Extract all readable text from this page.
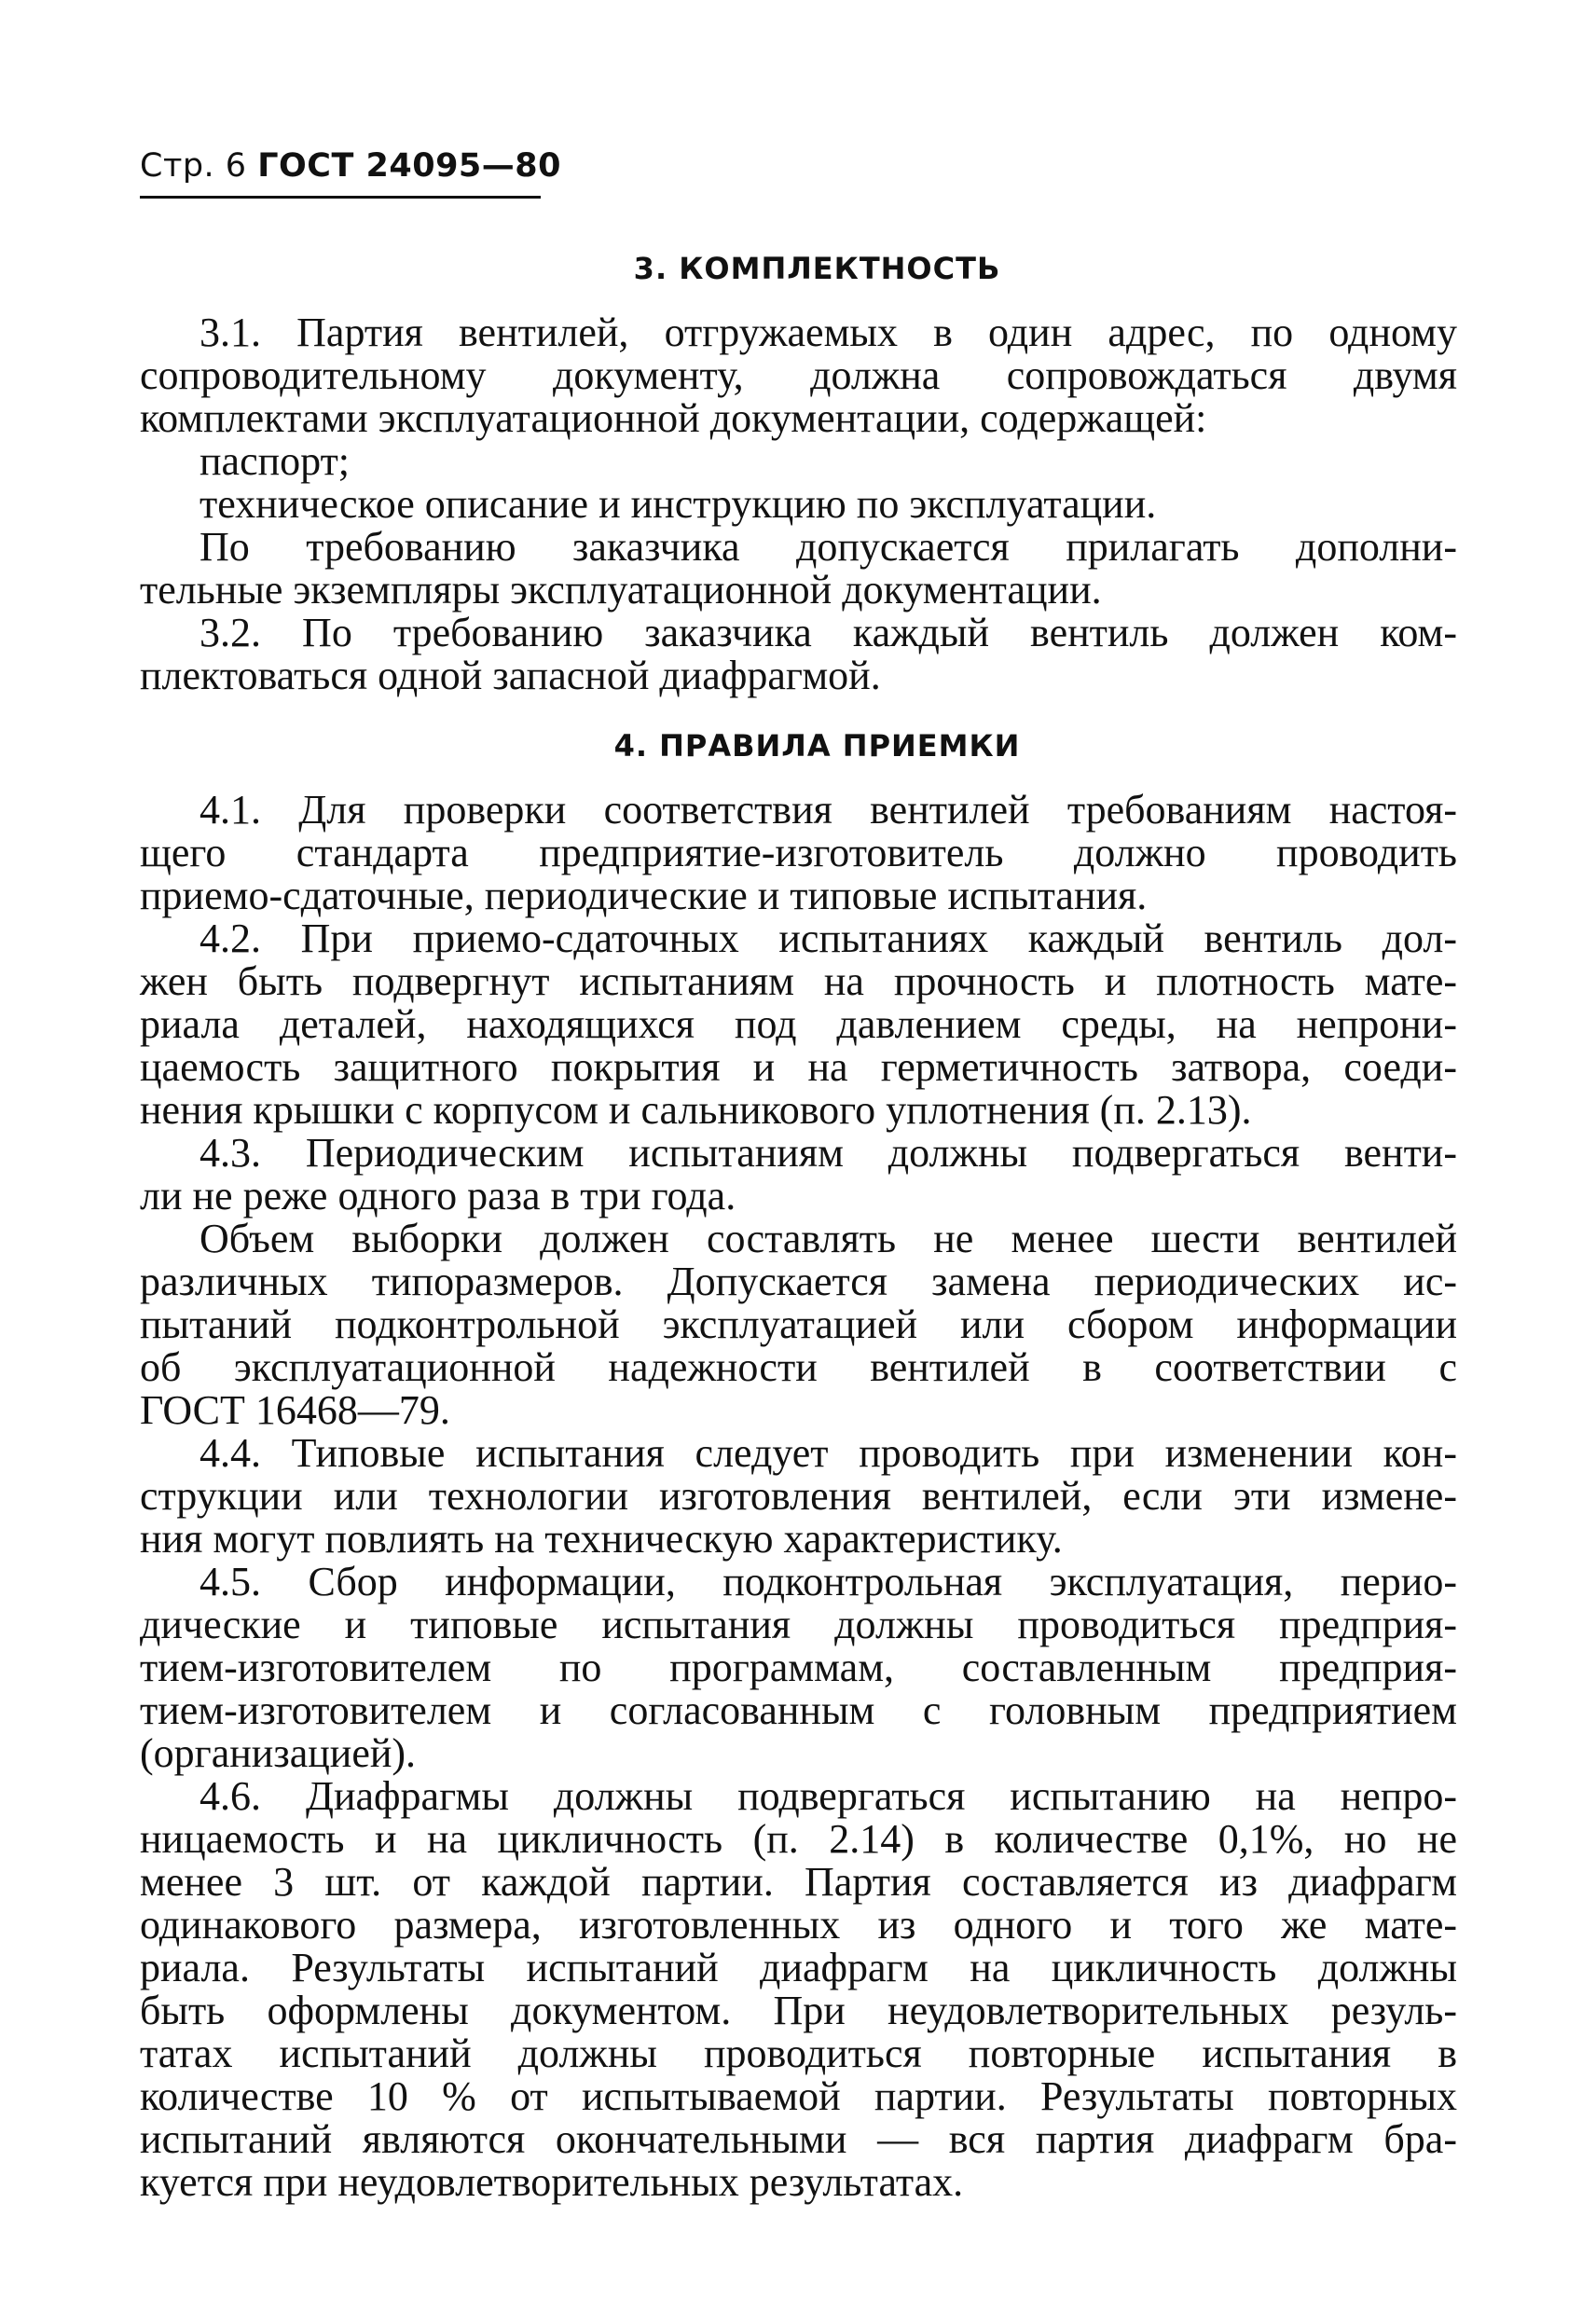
Стр. 6 ГОСТ 24095—80
3. КОМПЛЕКТНОСТЬ
3.1. Партия вентилей, отгружаемых в один адрес, по одному
сопроводительному документу, должна сопровождаться двумя
комплектами эксплуатационной документации, содержащей:
паспорт;
техническое описание и инструкцию по эксплуатации.
По требованию заказчика допускается прилагать дополни-
тельные экземпляры эксплуатационной документации.
3.2. По требованию заказчика каждый вентиль должен ком-
плектоваться одной запасной диафрагмой.
4. ПРАВИЛА ПРИЕМКИ
4.1. Для проверки соответствия вентилей требованиям настоя-
щего стандарта предприятие-изготовитель должно проводить
приемо-сдаточные, периодические и типовые испытания.
4.2. При приемо-сдаточных испытаниях каждый вентиль дол-
жен быть подвергнут испытаниям на прочность и плотность мате-
риала деталей, находящихся под давлением среды, на непрони-
цаемость защитного покрытия и на герметичность затвора, соеди-
нения крышки с корпусом и сальникового уплотнения (п. 2.13).
4.3. Периодическим испытаниям должны подвергаться венти-
ли не реже одного раза в три года.
Объем выборки должен составлять не менее шести вентилей
различных типоразмеров. Допускается замена периодических ис-
пытаний подконтрольной эксплуатацией или сбором информации
об эксплуатационной надежности вентилей в соответствии с
ГОСТ 16468—79.
4.4. Типовые испытания следует проводить при изменении кон-
струкции или технологии изготовления вентилей, если эти измене-
ния могут повлиять на техническую характеристику.
4.5. Сбор информации, подконтрольная эксплуатация, перио-
дические и типовые испытания должны проводиться предприя-
тием-изготовителем по программам, составленным предприя-
тием-изготовителем и согласованным с головным предприятием
(организацией).
4.6. Диафрагмы должны подвергаться испытанию на непро-
ницаемость и на цикличность (п. 2.14) в количестве 0,1%, но не
менее 3 шт. от каждой партии. Партия составляется из диафрагм
одинакового размера, изготовленных из одного и того же мате-
риала. Результаты испытаний диафрагм на цикличность должны
быть оформлены документом. При неудовлетворительных резуль-
татах испытаний должны проводиться повторные испытания в
количестве 10 % от испытываемой партии. Результаты повторных
испытаний являются окончательными — вся партия диафрагм бра-
куется при неудовлетворительных результатах.
